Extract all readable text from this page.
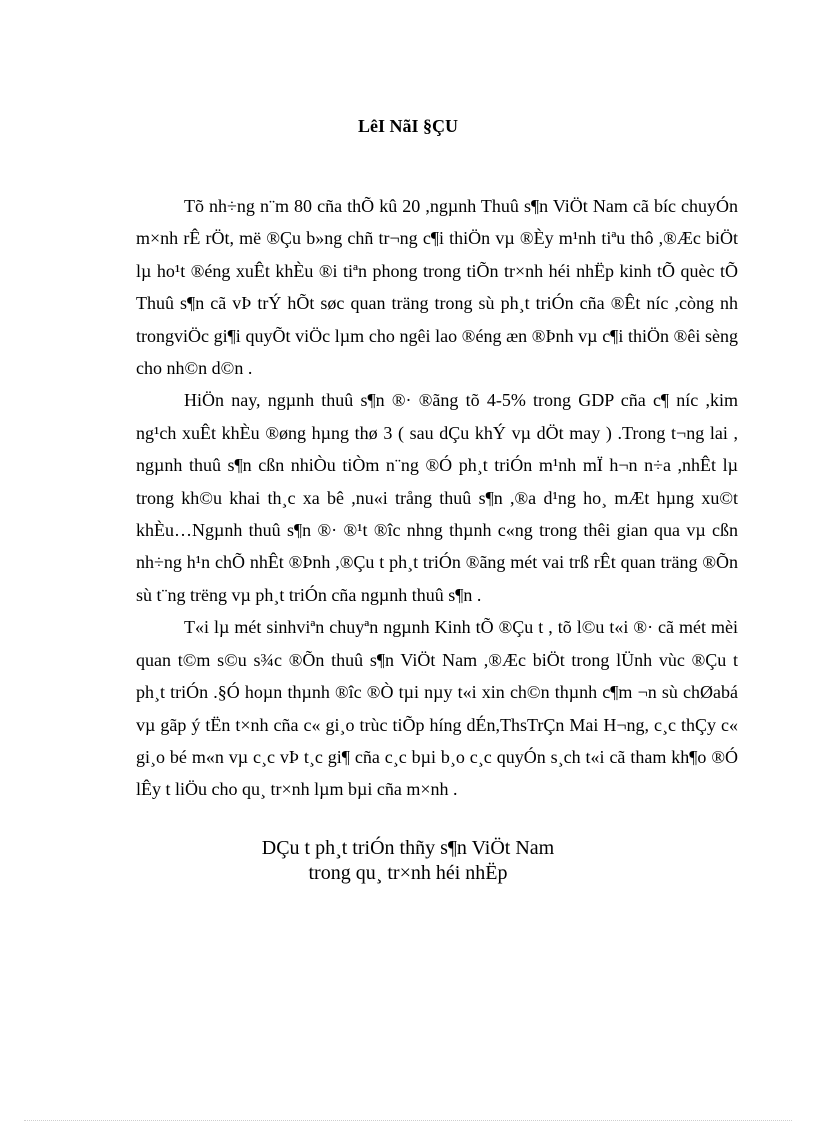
LêI NãI §ÇU

Tõ nh÷ng n¨m 80 cña thÕ kû 20 ,ngµnh Thuû s¶n ViÖt Nam cã bíc chuyÓn m×nh rÊ rÖt, më ®Çu b»ng chñ tr¬ng c¶i thiÖn vµ ®Èy m¹nh tiªu thô ,®Æc biÖt lµ ho¹t ®éng xuÊt khÈu ®i tiªn phong trong tiÕn tr×nh héi nhËp kinh tÕ quèc tÕ Thuû s¶n cã vÞ trÝ hÕt søc quan träng trong sù ph¸t triÓn cña ®Êt níc ,còng nh trongviÖc gi¶i quyÕt viÖc lµm cho ngêi lao ®éng æn ®Þnh vµ c¶i thiÖn ®êi sèng cho nh©n d©n .

HiÖn nay, ngµnh thuû s¶n ®· ®ãng tõ 4-5% trong GDP cña c¶ níc ,kim ng¹ch xuÊt khÈu ®øng hµng thø 3 ( sau dÇu khÝ vµ dÖt may ) .Trong t¬ng lai , ngµnh thuû s¶n cßn nhiÒu tiÒm n¨ng ®Ó ph¸t triÓn m¹nh mÏ h¬n n÷a ,nhÊt lµ trong kh©u khai th¸c xa bê ,nu«i trång thuû s¶n ,®a d¹ng ho¸ mÆt hµng xu©t khÈu…Ngµnh thuû s¶n ®· ®¹t ®îc nhng thµnh c«ng trong thêi gian qua vµ cßn nh÷ng h¹n chÕ nhÊt ®Þnh ,®Çu t ph¸t triÓn ®ãng mét vai trß rÊt quan träng ®Õn sù t¨ng trëng vµ ph¸t triÓn cña ngµnh thuû s¶n .

T«i lµ mét sinhviªn chuyªn ngµnh Kinh tÕ ®Çu t , tõ l©u t«i ®· cã mét mèi quan t©m s©u s¾c ®Õn thuû s¶n ViÖt Nam ,®Æc biÖt trong lÜnh vùc ®Çu t ph¸t triÓn .§Ó hoµn thµnh ®îc ®Ò tµi nµy t«i xin ch©n thµnh c¶m ¬n sù chØabá vµ gãp ý tËn t×nh cña c« gi¸o trùc tiÕp híng dÉn,ThsTrÇn Mai H¬ng, c¸c thÇy c« gi¸o bé m«n vµ c¸c vÞ t¸c gi¶ cña c¸c bµi b¸o c¸c quyÓn s¸ch t«i cã tham kh¶o ®Ó lÊy t liÖu cho qu¸ tr×nh lµm bµi cña m×nh .

DÇu t ph¸t triÓn thñy s¶n ViÖt Nam
trong qu¸ tr×nh héi nhËp
